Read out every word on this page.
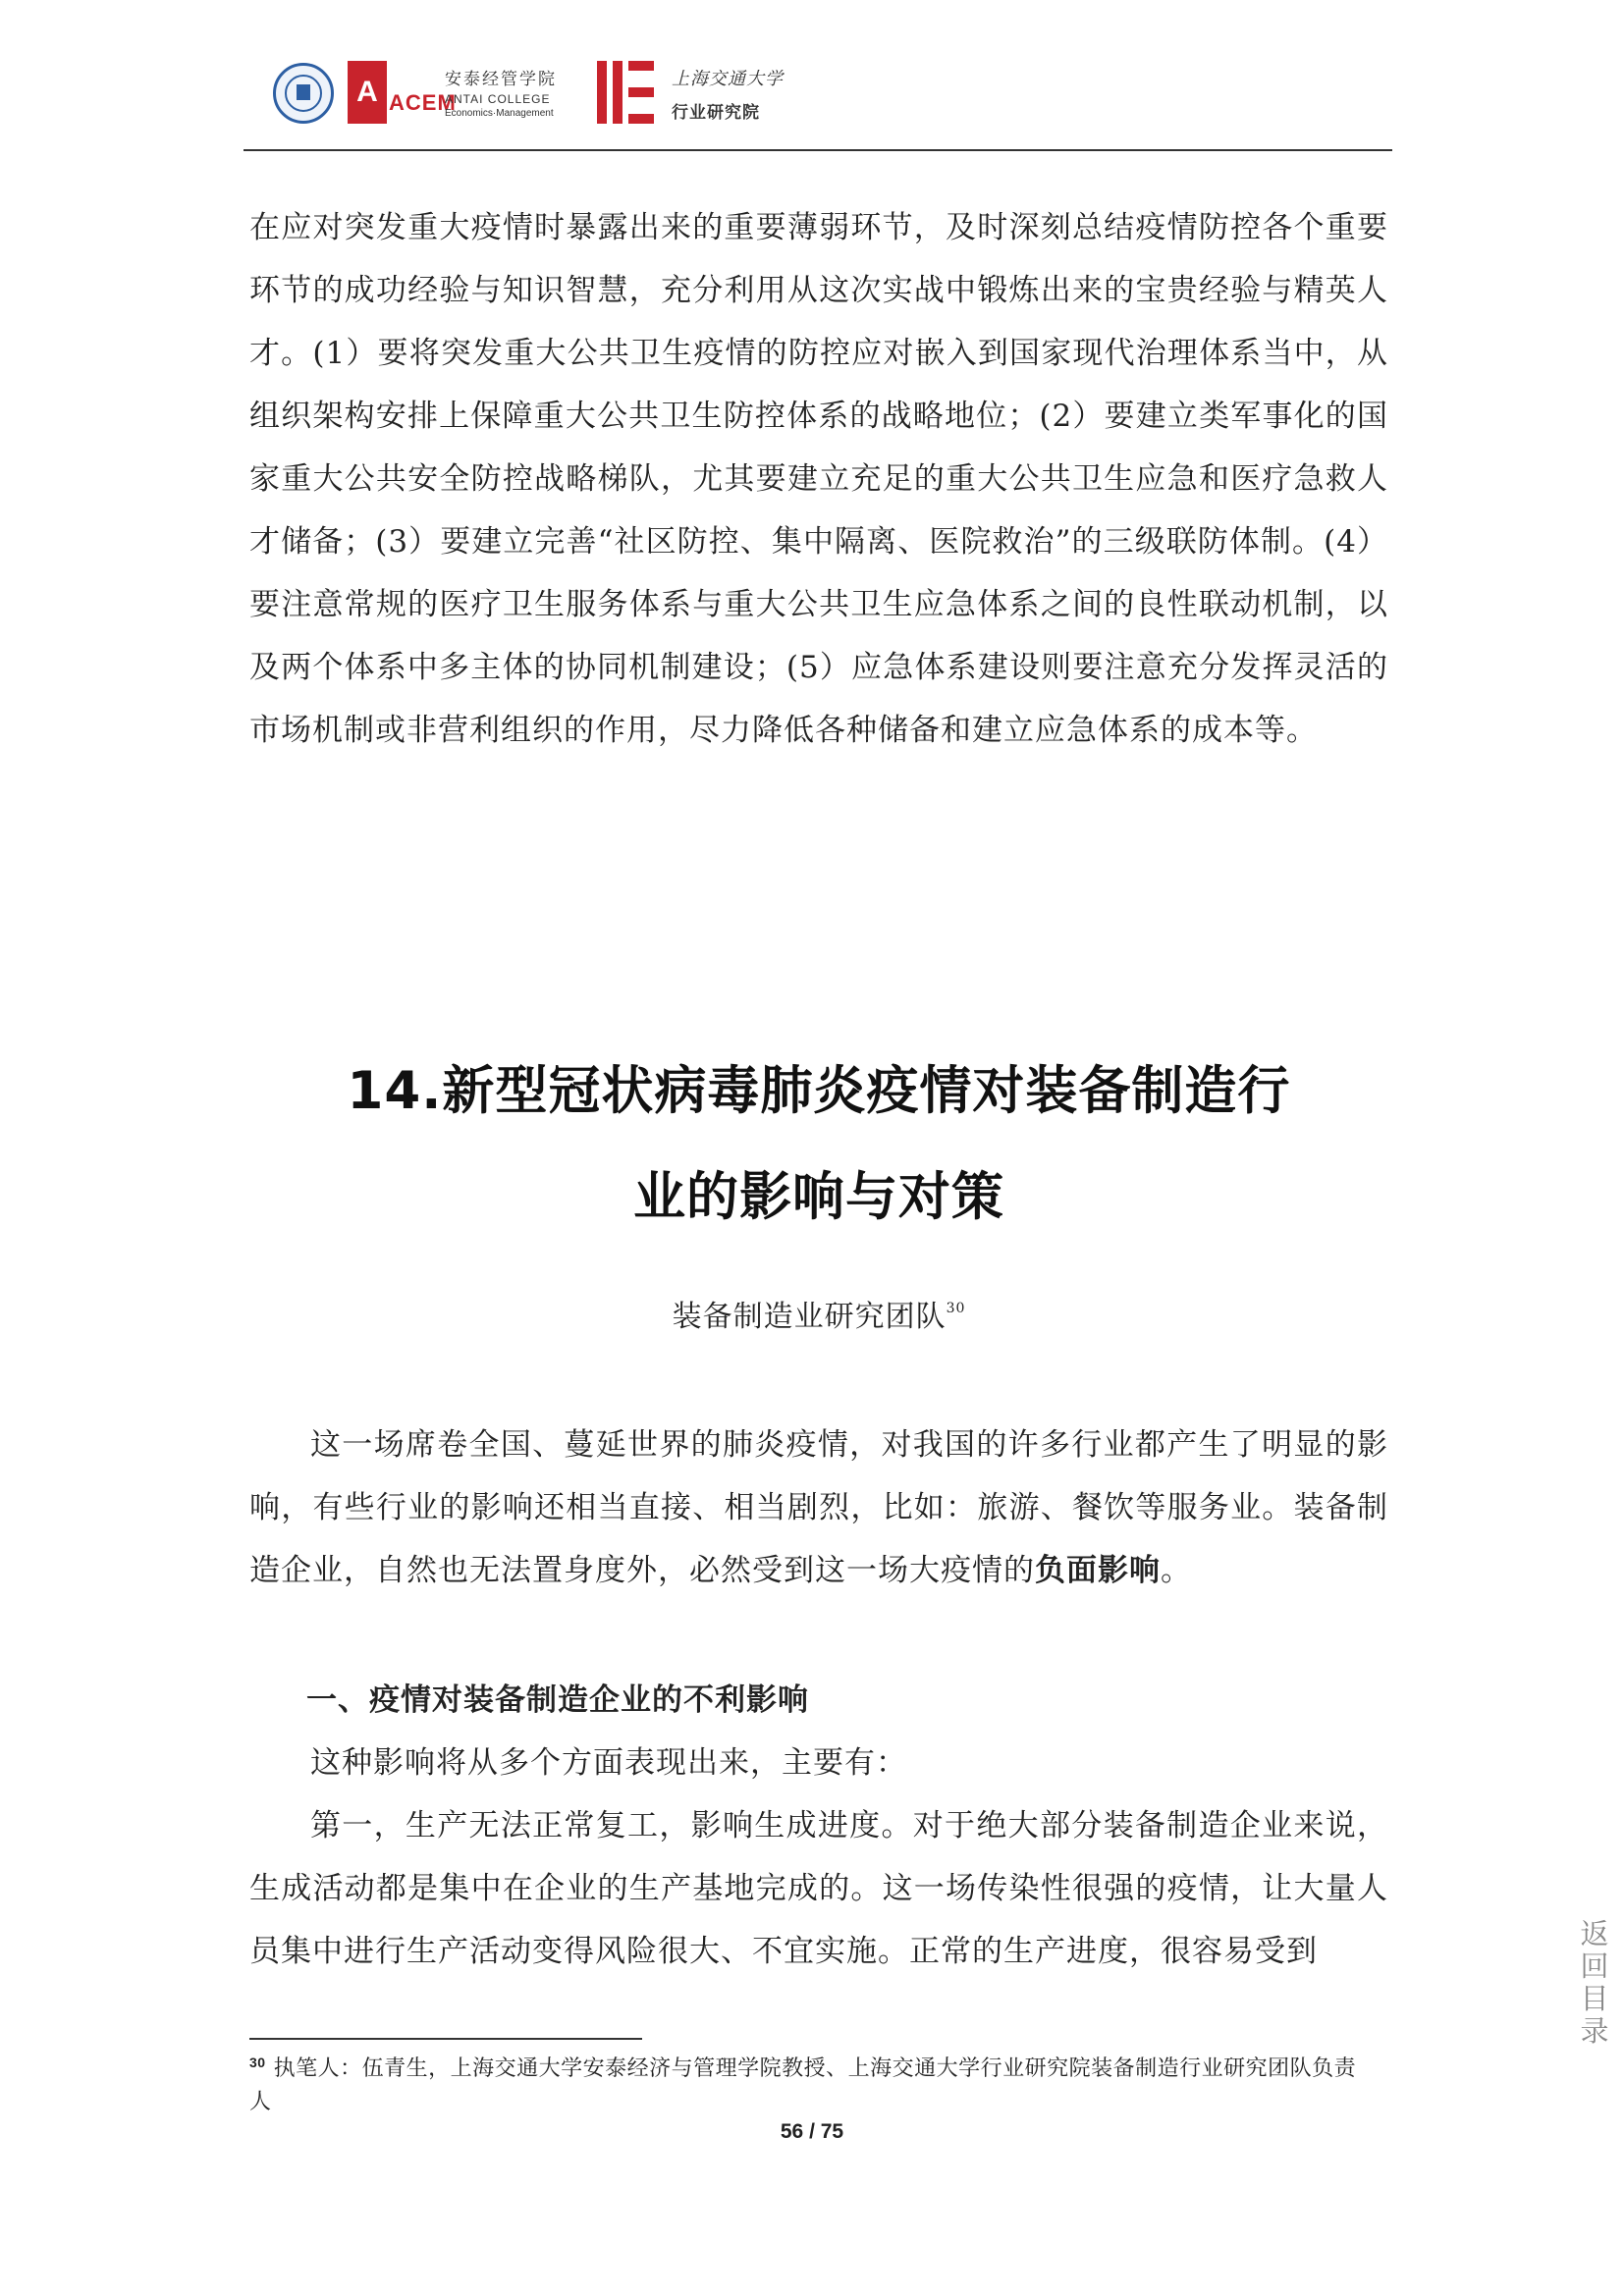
A ACEM
安泰经管学院
ANTAI COLLEGE
Economics·Management
上海交通大学
行业研究院

在应对突发重大疫情时暴露出来的重要薄弱环节，及时深刻总结疫情防控各个重要环节的成功经验与知识智慧，充分利用从这次实战中锻炼出来的宝贵经验与精英人才。(1）要将突发重大公共卫生疫情的防控应对嵌入到国家现代治理体系当中，从组织架构安排上保障重大公共卫生防控体系的战略地位；(2）要建立类军事化的国家重大公共安全防控战略梯队，尤其要建立充足的重大公共卫生应急和医疗急救人才储备；(3）要建立完善“社区防控、集中隔离、医院救治”的三级联防体制。(4）要注意常规的医疗卫生服务体系与重大公共卫生应急体系之间的良性联动机制，以及两个体系中多主体的协同机制建设；(5）应急体系建设则要注意充分发挥灵活的市场机制或非营利组织的作用，尽力降低各种储备和建立应急体系的成本等。

14.新型冠状病毒肺炎疫情对装备制造行
业的影响与对策
装备制造业研究团队$^{30}$

这一场席卷全国、蔓延世界的肺炎疫情，对我国的许多行业都产生了明显的影响，有些行业的影响还相当直接、相当剧烈，比如：旅游、餐饮等服务业。装备制造企业，自然也无法置身度外，必然受到这一场大疫情的负面影响。

一、疫情对装备制造企业的不利影响

这种影响将从多个方面表现出来，主要有：

第一，生产无法正常复工，影响生成进度。对于绝大部分装备制造企业来说，生成活动都是集中在企业的生产基地完成的。这一场传染性很强的疫情，让大量人员集中进行生产活动变得风险很大、不宜实施。正常的生产进度，很容易受到

$^{30}$ 执笔人：伍青生，上海交通大学安泰经济与管理学院教授、上海交通大学行业研究院装备制造行业研究团队负责人

56 / 75
返回目录
